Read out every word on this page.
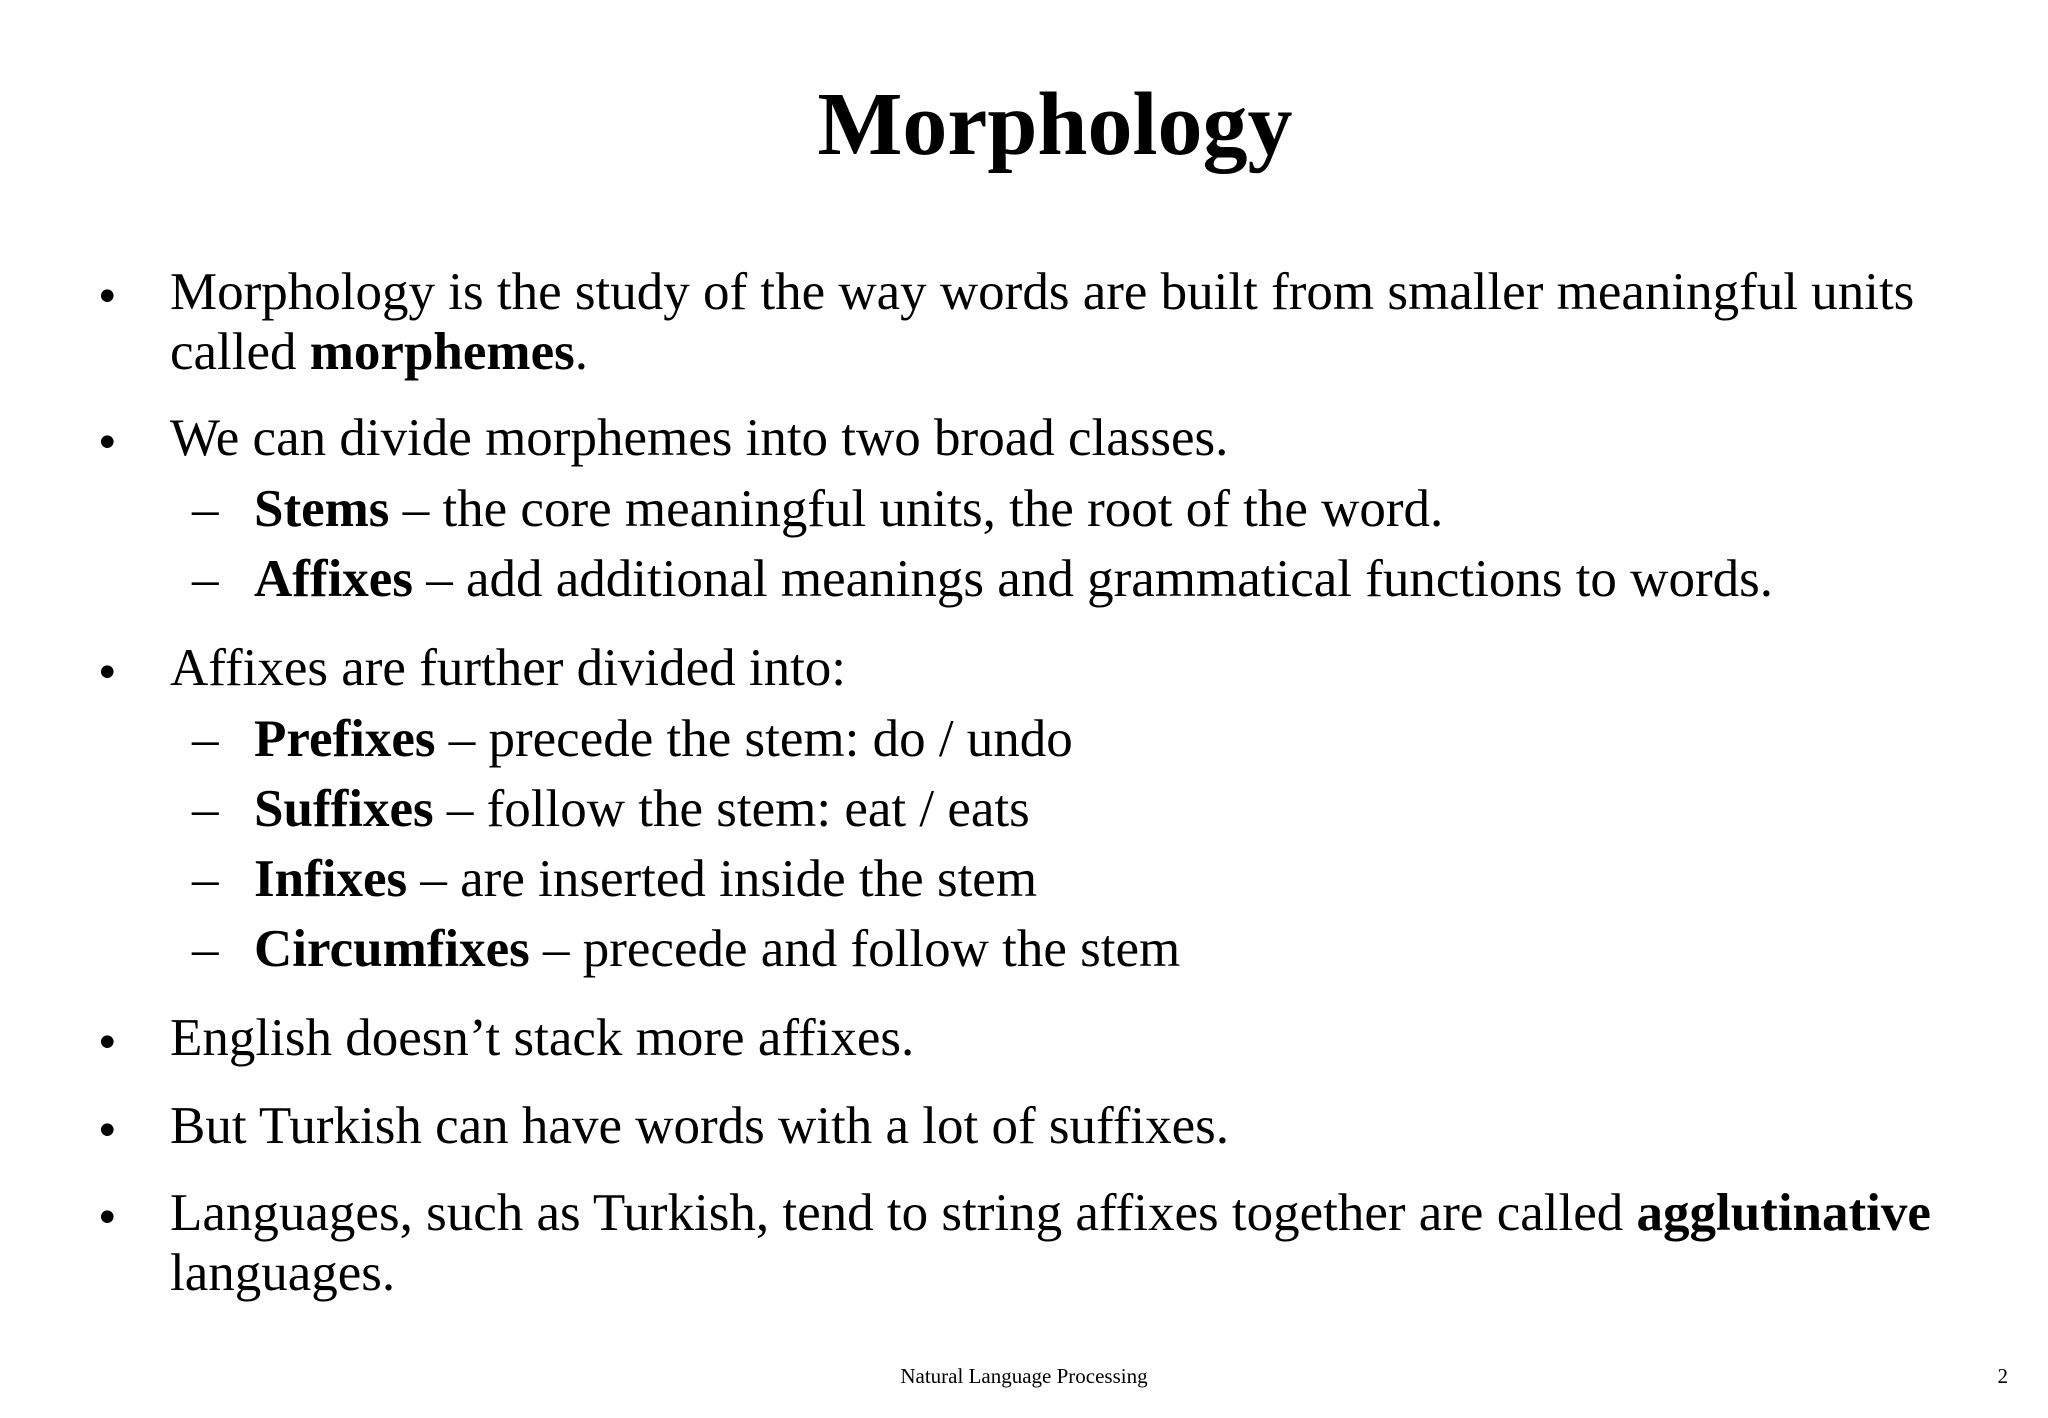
Morphology
• Morphology is the study of the way words are built from smaller meaningful units
called morphemes.
• We can divide morphemes into two broad classes.
– Stems – the core meaningful units, the root of the word.
– Affixes – add additional meanings and grammatical functions to words.
• Affixes are further divided into:
– Prefixes – precede the stem: do / undo
– Suffixes – follow the stem: eat / eats
– Infixes – are inserted inside the stem
– Circumfixes – precede and follow the stem
• English doesn’t stack more affixes.
• But Turkish can have words with a lot of suffixes.
• Languages, such as Turkish, tend to string affixes together are called agglutinative
languages.
Natural Language Processing	2
